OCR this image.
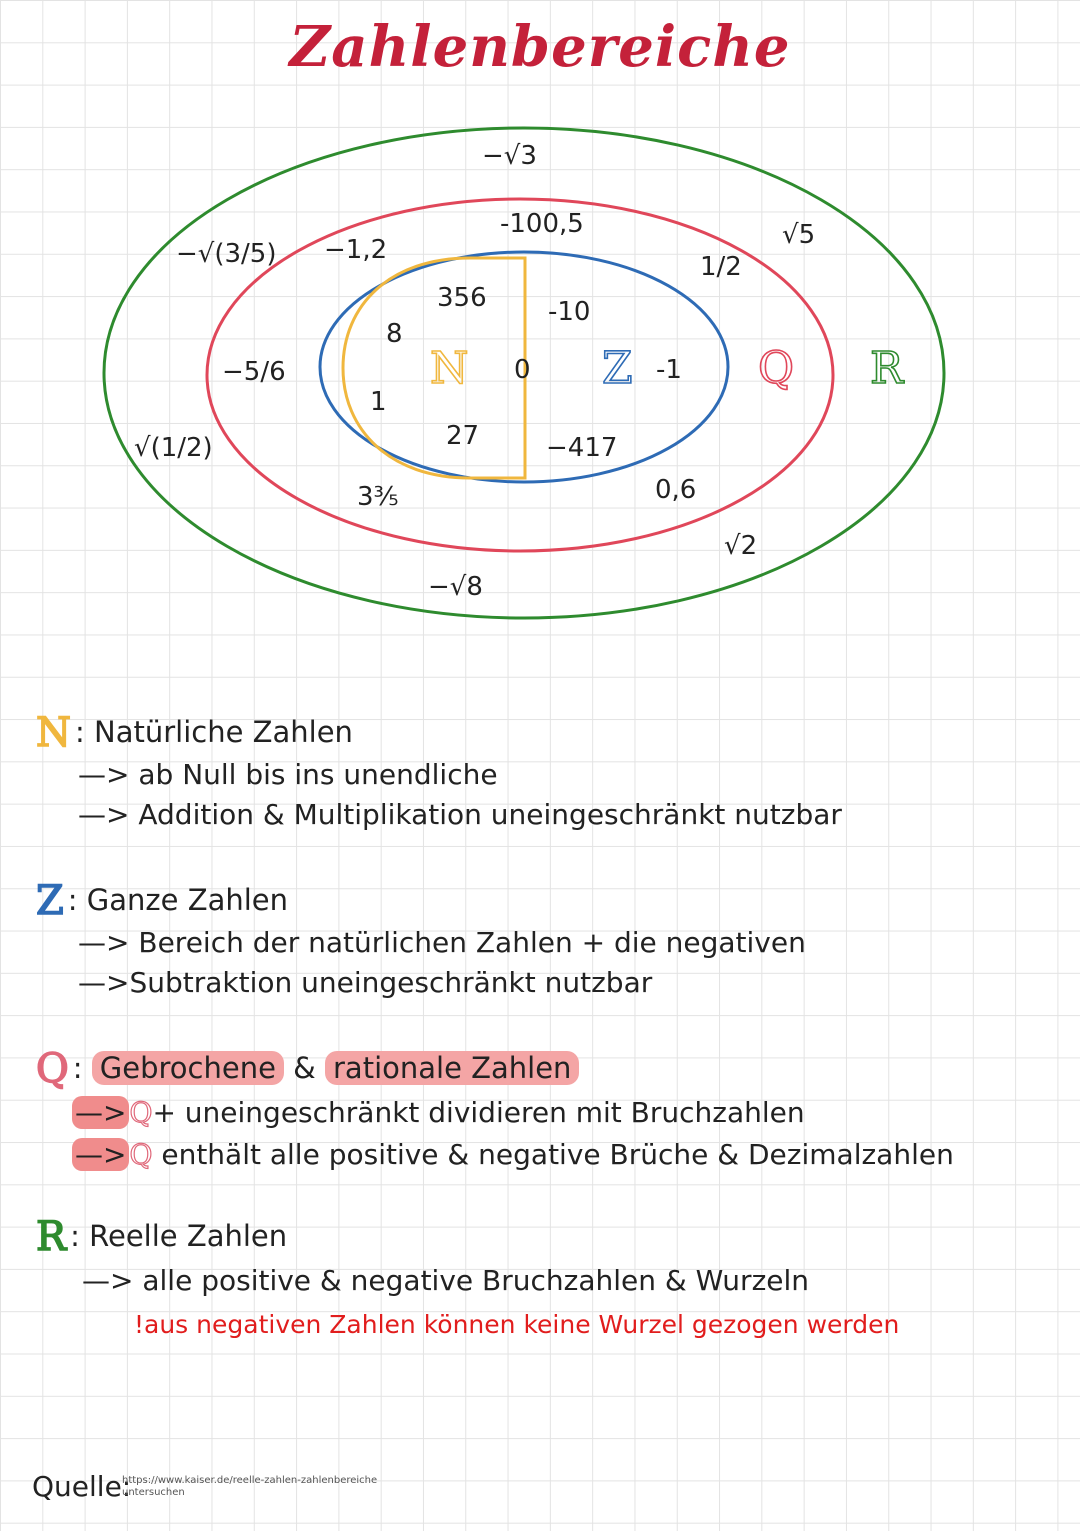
Zahlenbereiche
N	Z	Q R
−√3
-100,5
−1,2
356
8
1
27
0
-10
-1
−417
0,6
−5/6
3⅗
1/2
√5
√2
−√8
−√(3/5)
√(1/2)
N : Natürliche Zahlen
—> ab Null bis ins unendliche
—> Addition & Multiplikation uneingeschränkt nutzbar
Z : Ganze Zahlen
—> Bereich der natürlichen Zahlen + die negativen
—>Subtraktion uneingeschränkt nutzbar
Q : Gebrochene & rationale Zahlen
—> Q+ uneingeschränkt dividieren mit Bruchzahlen
—> Q enthält alle positive & negative Brüche & Dezimalzahlen
R : Reelle Zahlen
—> alle positive & negative Bruchzahlen & Wurzeln
!aus negativen Zahlen können keine Wurzel gezogen werden
Quelle:
https://www.kaiser.de/reelle-zahlen-zahlenbereiche
untersuchen
